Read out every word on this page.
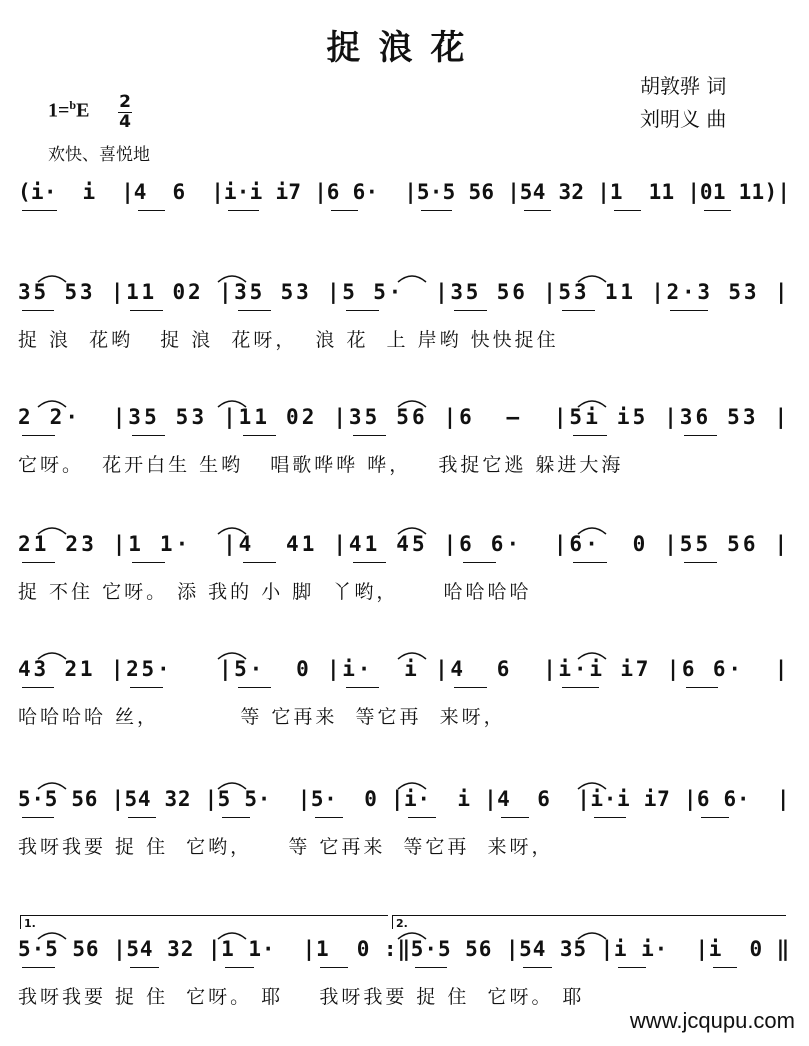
捉浪花
胡敦骅 词
刘明义 曲
1=$^b$E 2
4
欢快、喜悦地
(i·  i  | 4  6  | i·i i7 | 6 6·  | 5·5 56 | 54 32 | 1  11 | 01 11)|
35 53 | 11 02 | 35 53 | 5 5·  | 35 56 | 53 11 | 2·3 53 |
捉 浪  花哟   捉 浪  花呀，  浪 花  上 岸哟 快快捉住
2 2·  | 35 53 | 11 02 | 35 56 | 6  –  | 5i i5 | 36 53 |
它呀。  花开白生 生哟   唱歌哗哗 哗，   我捉它逃 躲进大海
21 23 | 1 1·  | 4  41 | 41 45 | 6 6·  | 6·  0 | 55 56 |
捉 不住 它呀。 添 我的 小 脚  丫哟，     哈哈哈哈
43 21 | 25·   | 5·  0 | i·  i | 4  6  | i·i i7 | 6 6·  |
哈哈哈哈 丝，         等 它再来  等它再  来呀，
5·5 56 | 54 32 | 5 5·  | 5·  0 | i·  i | 4  6  | i·i i7 | 6 6·  |
我呀我要 捉 住  它哟，    等 它再来  等它再  来呀，
5·5 56 | 54 32 | 1 1·  | 1  0 :‖ 5·5 56 | 54 35 | i i·  | i  0 ‖
我呀我要 捉 住  它呀。 耶    我呀我要 捉 住  它呀。 耶
1.	2.
www.jcqupu.com
